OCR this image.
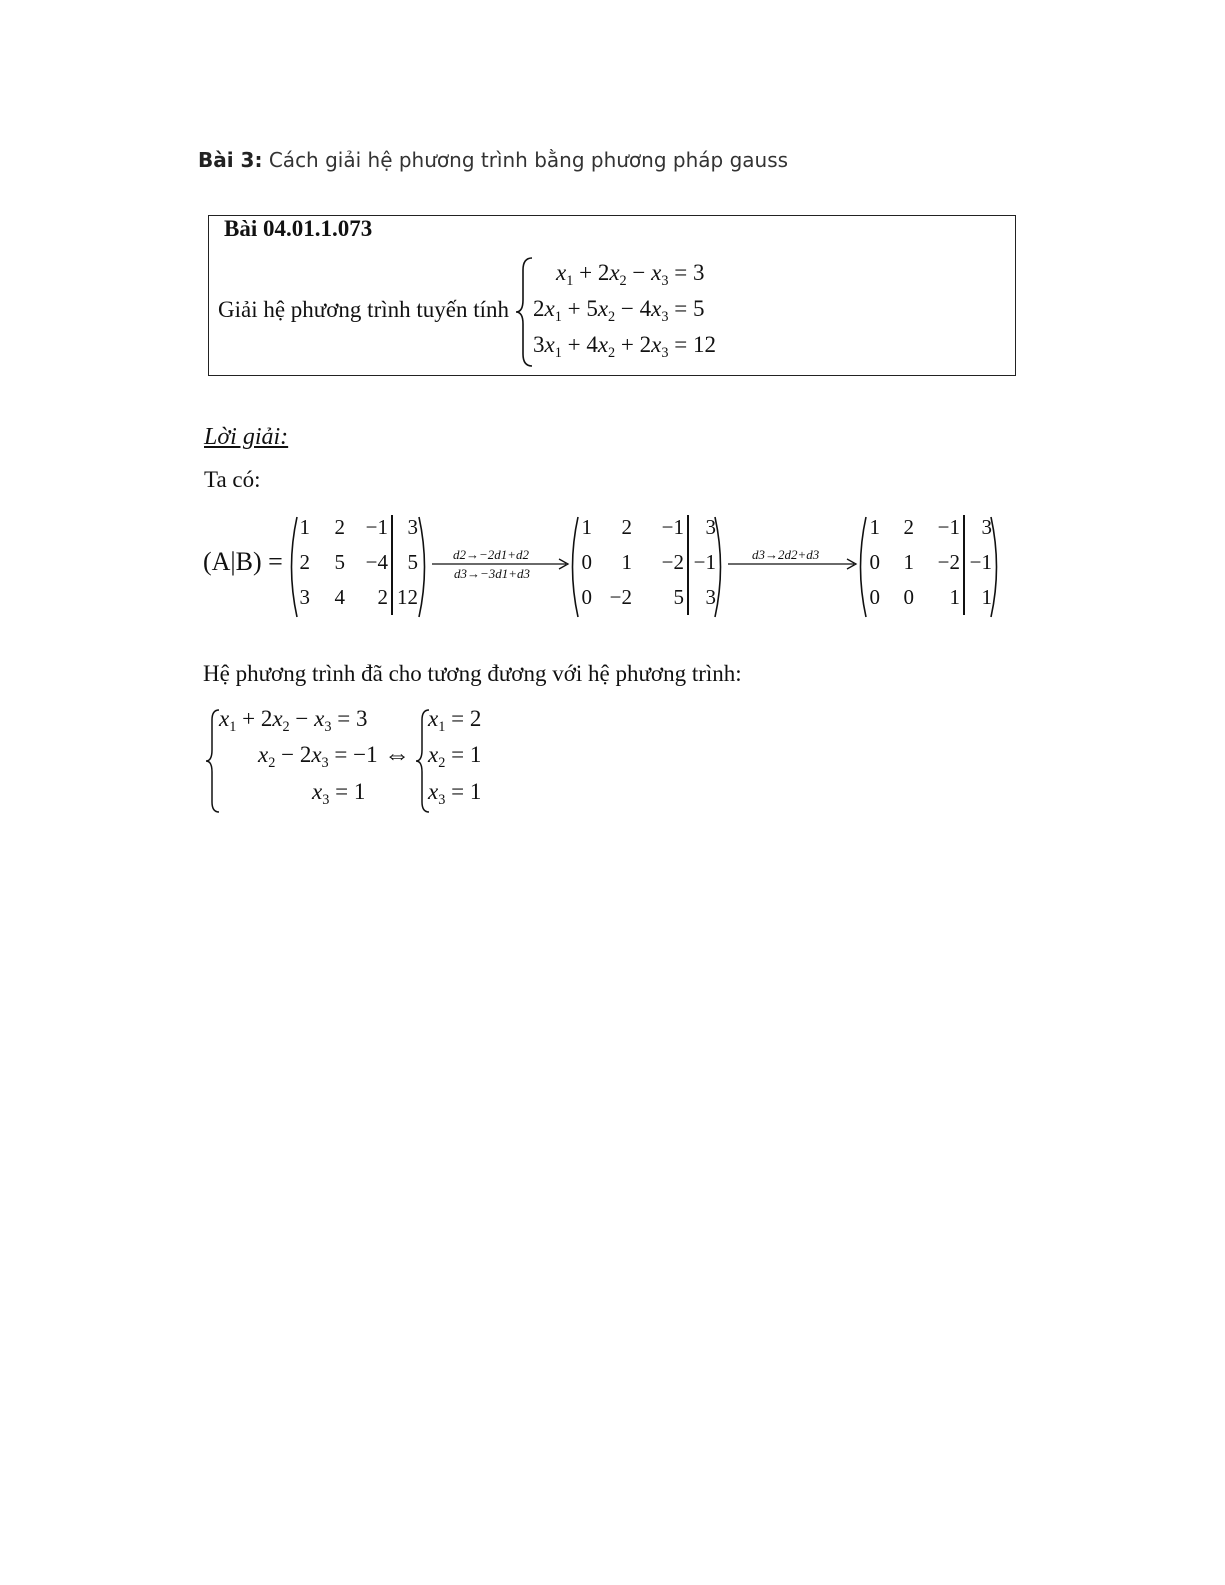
Bài 3: Cách giải hệ phương trình bằng phương pháp gauss
Bài 04.01.1.073
Giải hệ phương trình tuyến tính
$x_1 + 2x_2 - x_3 = 3$
$2x_1 + 5x_2 - 4x_3 = 5$
$3x_1 + 4x_2 + 2x_3 = 12$
Lời giải:
Ta có:
(A|B) =
1	2 −1 3
2	5 −4 5
3	4	2 12
d2→−2d1+d2
d3→−3d1+d3
1	2	−1	3
0	1	−2 −1
0 −2	5	3
d3→2d2+d3
1	2	−1	3
0	1	−2 −1
0	0	1	1
Hệ phương trình đã cho tương đương với hệ phương trình:
$x_1 + 2x_2 - x_3 = 3$
$x_2 - 2x_3 = -1$
$x_3 = 1$
⇔
$x_1 = 2$
$x_2 = 1$
$x_3 = 1$
